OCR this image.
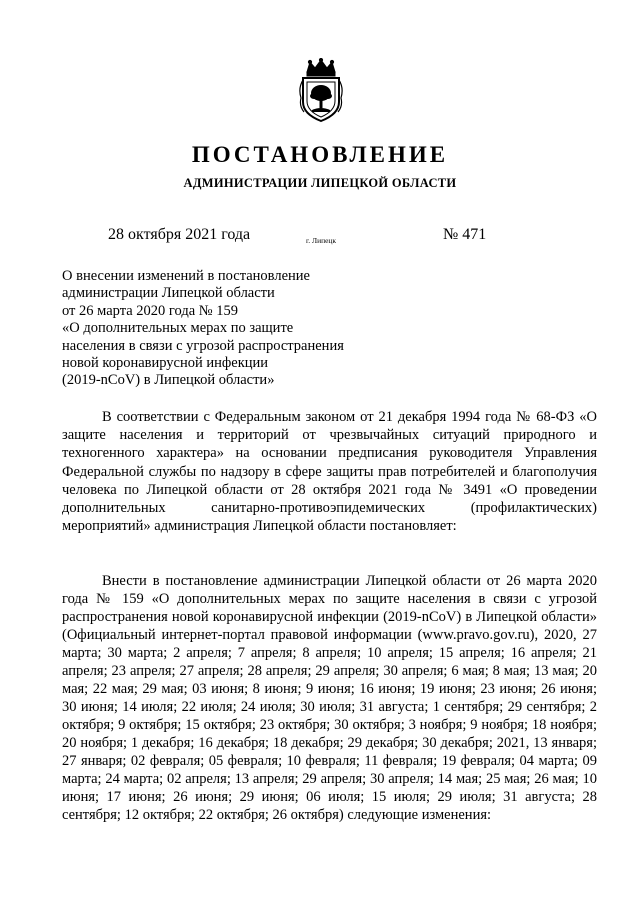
ПОСТАНОВЛЕНИЕ
АДМИНИСТРАЦИИ ЛИПЕЦКОЙ ОБЛАСТИ
28 октября 2021 года	г. Липецк	№ 471
О внесении изменений в постановление
администрации Липецкой области
от 26 марта 2020 года № 159
«О дополнительных мерах по защите
населения в связи с угрозой распространения
новой коронавирусной инфекции
(2019-nCoV) в Липецкой области»

В соответствии с Федеральным законом от 21 декабря 1994 года № 68-ФЗ «О защите населения и территорий от чрезвычайных ситуаций природного и техногенного характера» на основании предписания руководителя Управления Федеральной службы по надзору в сфере защиты прав потребителей и благополучия человека по Липецкой области от 28 октября 2021 года № 3491 «О проведении дополнительных санитарно-противоэпидемических (профилактических) мероприятий» администрация Липецкой области постановляет:

Внести в постановление администрации Липецкой области от 26 марта 2020 года № 159 «О дополнительных мерах по защите населения в связи с угрозой распространения новой коронавирусной инфекции (2019-nCoV) в Липецкой области» (Официальный интернет-портал правовой информации (www.pravo.gov.ru), 2020, 27 марта; 30 марта; 2 апреля; 7 апреля; 8 апреля; 10 апреля; 15 апреля; 16 апреля; 21 апреля; 23 апреля; 27 апреля; 28 апреля; 29 апреля; 30 апреля; 6 мая; 8 мая; 13 мая; 20 мая; 22 мая; 29 мая; 03 июня; 8 июня; 9 июня; 16 июня; 19 июня; 23 июня; 26 июня; 30 июня; 14 июля; 22 июля; 24 июля; 30 июля; 31 августа; 1 сентября; 29 сентября; 2 октября; 9 октября; 15 октября; 23 октября; 30 октября; 3 ноября; 9 ноября; 18 ноября; 20 ноября; 1 декабря; 16 декабря; 18 декабря; 29 декабря; 30 декабря; 2021, 13 января; 27 января; 02 февраля; 05 февраля; 10 февраля; 11 февраля; 19 февраля; 04 марта; 09 марта; 24 марта; 02 апреля; 13 апреля; 29 апреля; 30 апреля; 14 мая; 25 мая; 26 мая; 10 июня; 17 июня; 26 июня; 29 июня; 06 июля; 15 июля; 29 июля; 31 августа; 28 сентября; 12 октября; 22 октября; 26 октября) следующие изменения:
